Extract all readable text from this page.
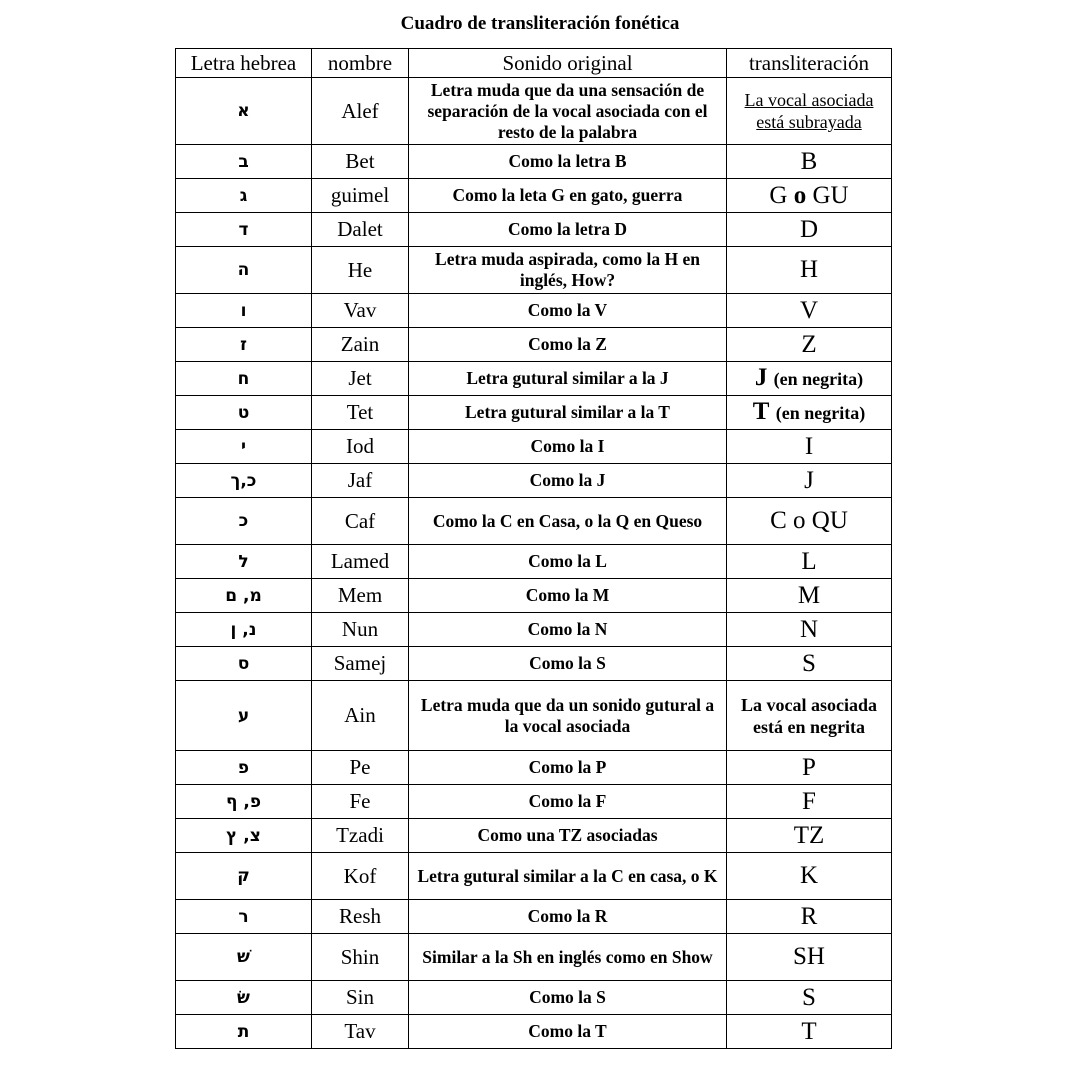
Cuadro de transliteración fonética
Letra hebrea	nombre	Sonido original	transliteración
א	Alef	Letra muda que da una sensación de separación de la vocal asociada con el resto de la palabra	La vocal asociada está subrayada
ב	Bet	Como la letra B	B
ג	guimel	Como la leta G en gato, guerra	G o GU
ד	Dalet	Como la letra D	D
ה	He	Letra muda aspirada, como la H en inglés, How?	H
ו	Vav	Como la V	V
ז	Zain	Como la Z	Z
ח	Jet	Letra gutural similar a la J	J (en negrita)
ט	Tet	Letra gutural similar a la T	T (en negrita)
י	Iod	Como la I	I
כ,ך	Jaf	Como la J	J
כ	Caf	Como la C en Casa, o la Q en Queso	C o QU
ל	Lamed	Como la L	L
מ, ם	Mem	Como la M	M
נ, ן	Nun	Como la N	N
ס	Samej	Como la S	S
ע	Ain	Letra muda que da un sonido gutural a la vocal asociada	La vocal asociada está en negrita
פ	Pe	Como la P	P
פ, ף	Fe	Como la F	F
צ, ץ	Tzadi	Como una TZ asociadas	TZ
ק	Kof	Letra gutural similar a la C en casa, o K	K
ר	Resh	Como la R	R
שׁ	Shin	Similar a la Sh en inglés como en Show	SH
שׂ	Sin	Como la S	S
ת	Tav	Como la T	T
